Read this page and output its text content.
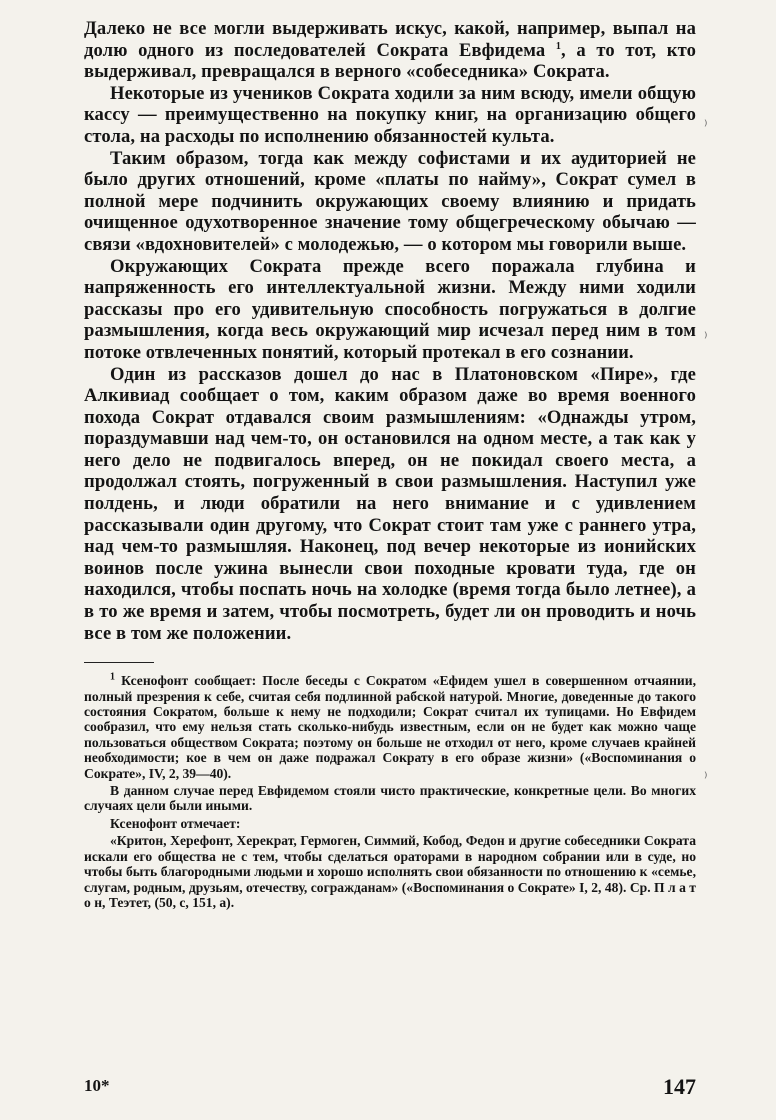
Далеко не все могли выдерживать искус, какой, например, выпал на долю одного из последователей Сократа Евфидема $^1$, а то тот, кто выдерживал, превращался в верного «собеседника» Сократа.

Некоторые из учеников Сократа ходили за ним всюду, имели общую кассу — преимущественно на покупку книг, на организацию общего стола, на расходы по исполнению обязанностей культа.

Таким образом, тогда как между софистами и их аудиторией не было других отношений, кроме «платы по найму», Сократ сумел в полной мере подчинить окружающих своему влиянию и придать очищенное одухотворенное значение тому общегреческому обычаю — связи «вдохновителей» с молодежью, — о котором мы говорили выше.

Окружающих Сократа прежде всего поражала глубина и напряженность его интеллектуальной жизни. Между ними ходили рассказы про его удивительную способность погружаться в долгие размышления, когда весь окружающий мир исчезал перед ним в том потоке отвлеченных понятий, который протекал в его сознании.

Один из рассказов дошел до нас в Платоновском «Пире», где Алкивиад сообщает о том, каким образом даже во время военного похода Сократ отдавался своим размышлениям: «Однажды утром, пораздумавши над чем-то, он остановился на одном месте, а так как у него дело не подвигалось вперед, он не покидал своего места, а продолжал стоять, погруженный в свои размышления. Наступил уже полдень, и люди обратили на него внимание и с удивлением рассказывали один другому, что Сократ стоит там уже с раннего утра, над чем-то размышляя. Наконец, под вечер некоторые из ионийских воинов после ужина вынесли свои походные кровати туда, где он находился, чтобы поспать ночь на холодке (время тогда было летнее), а в то же время и затем, чтобы посмотреть, будет ли он проводить и ночь все в том же положении.

$^1$ Ксенофонт сообщает: После беседы с Сократом «Ефидем ушел в совершенном отчаянии, полный презрения к себе, считая себя подлинной рабской натурой. Многие, доведенные до такого состояния Сократом, больше к нему не подходили; Сократ считал их тупицами. Но Евфидем сообразил, что ему нельзя стать сколько-нибудь известным, если он не будет как можно чаще пользоваться обществом Сократа; поэтому он больше не отходил от него, кроме случаев крайней необходимости; кое в чем он даже подражал Сократу в его образе жизни» («Воспоминания о Сократе», IV, 2, 39—40).

В данном случае перед Евфидемом стояли чисто практические, конкретные цели. Во многих случаях цели были иными.

Ксенофонт отмечает:

«Критон, Херефонт, Херекрат, Гермоген, Симмий, Кобод, Федон и другие собеседники Сократа искали его общества не с тем, чтобы сделаться ораторами в народном собрании или в суде, но чтобы быть благородными людьми и хорошо исполнять свои обязанности по отношению к «семье, слугам, родным, друзьям, отечеству, согражданам» («Воспоминания о Сократе» I, 2, 48). Ср. П л а т о н, Теэтет, (50, с, 151, а).

⁾
⁾
⁾
10*	147
